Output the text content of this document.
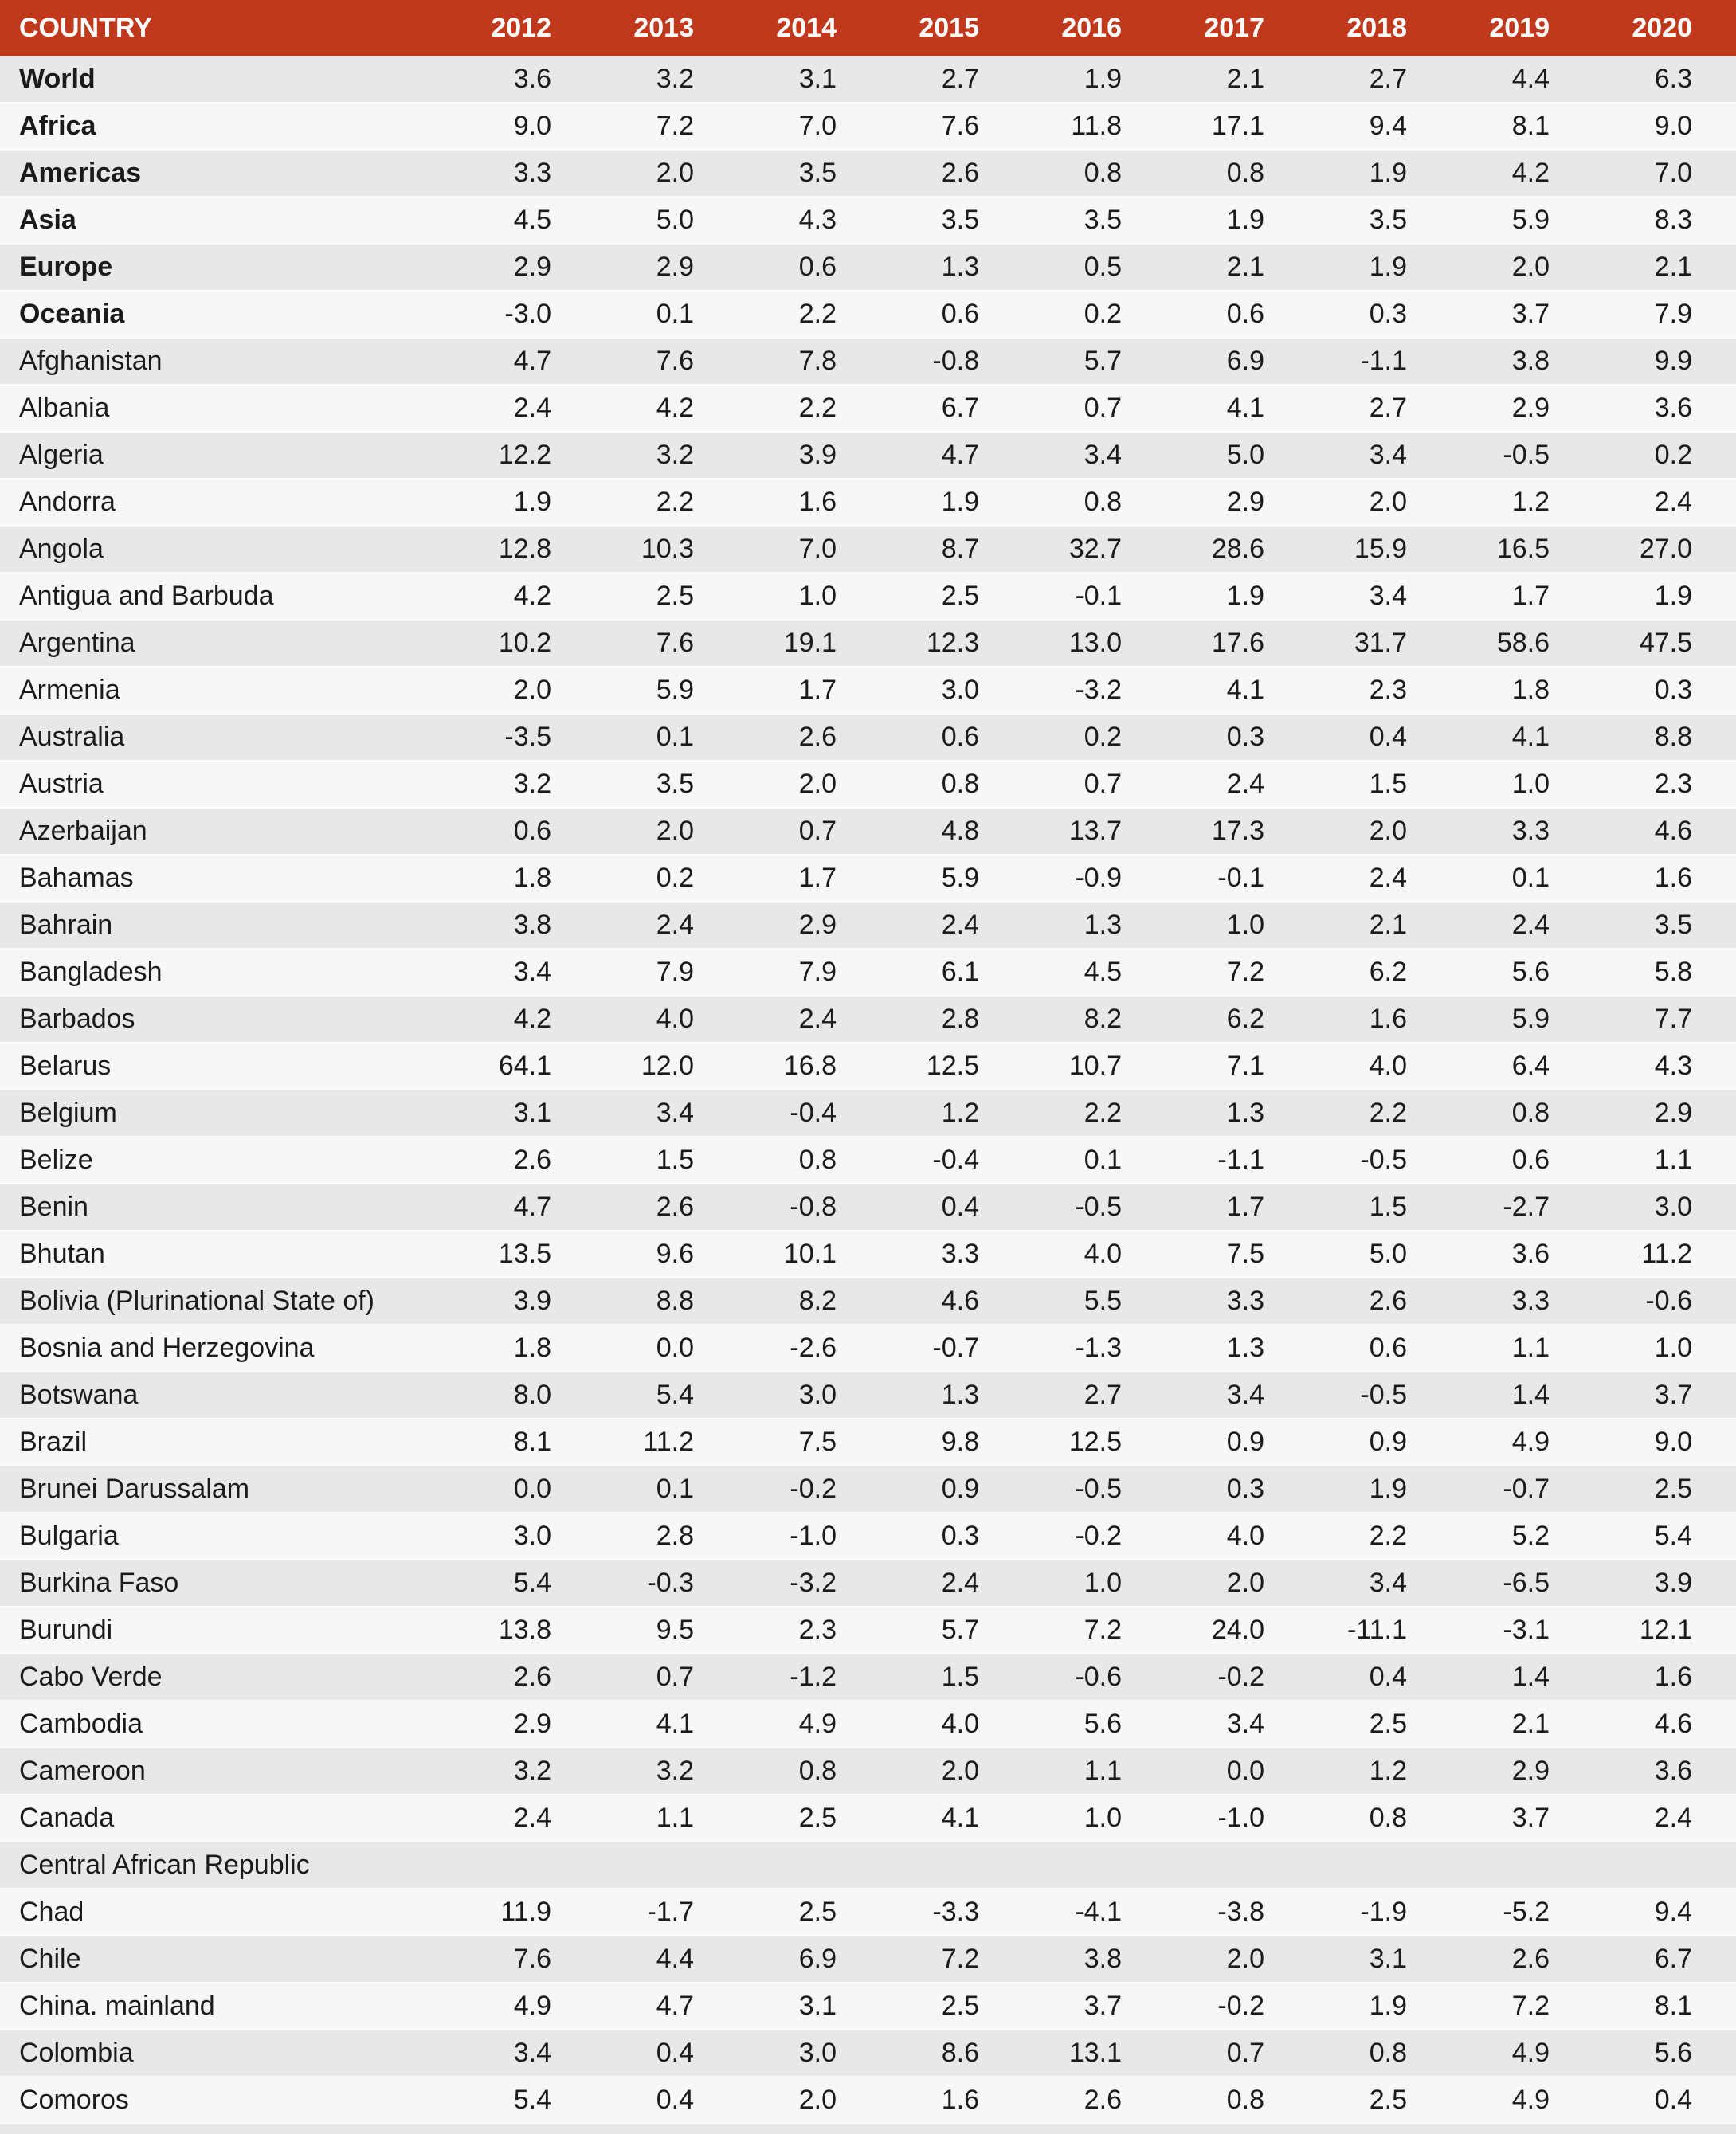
COUNTRY	2012	2013	2014	2015	2016	2017	2018	2019	2020
World	3.6	3.2	3.1	2.7	1.9	2.1	2.7	4.4	6.3
Africa	9.0	7.2	7.0	7.6	11.8	17.1	9.4	8.1	9.0
Americas	3.3	2.0	3.5	2.6	0.8	0.8	1.9	4.2	7.0
Asia	4.5	5.0	4.3	3.5	3.5	1.9	3.5	5.9	8.3
Europe	2.9	2.9	0.6	1.3	0.5	2.1	1.9	2.0	2.1
Oceania	-3.0	0.1	2.2	0.6	0.2	0.6	0.3	3.7	7.9
Afghanistan	4.7	7.6	7.8	-0.8	5.7	6.9	-1.1	3.8	9.9
Albania	2.4	4.2	2.2	6.7	0.7	4.1	2.7	2.9	3.6
Algeria	12.2	3.2	3.9	4.7	3.4	5.0	3.4	-0.5	0.2
Andorra	1.9	2.2	1.6	1.9	0.8	2.9	2.0	1.2	2.4
Angola	12.8	10.3	7.0	8.7	32.7	28.6	15.9	16.5	27.0
Antigua and Barbuda	4.2	2.5	1.0	2.5	-0.1	1.9	3.4	1.7	1.9
Argentina	10.2	7.6	19.1	12.3	13.0	17.6	31.7	58.6	47.5
Armenia	2.0	5.9	1.7	3.0	-3.2	4.1	2.3	1.8	0.3
Australia	-3.5	0.1	2.6	0.6	0.2	0.3	0.4	4.1	8.8
Austria	3.2	3.5	2.0	0.8	0.7	2.4	1.5	1.0	2.3
Azerbaijan	0.6	2.0	0.7	4.8	13.7	17.3	2.0	3.3	4.6
Bahamas	1.8	0.2	1.7	5.9	-0.9	-0.1	2.4	0.1	1.6
Bahrain	3.8	2.4	2.9	2.4	1.3	1.0	2.1	2.4	3.5
Bangladesh	3.4	7.9	7.9	6.1	4.5	7.2	6.2	5.6	5.8
Barbados	4.2	4.0	2.4	2.8	8.2	6.2	1.6	5.9	7.7
Belarus	64.1	12.0	16.8	12.5	10.7	7.1	4.0	6.4	4.3
Belgium	3.1	3.4	-0.4	1.2	2.2	1.3	2.2	0.8	2.9
Belize	2.6	1.5	0.8	-0.4	0.1	-1.1	-0.5	0.6	1.1
Benin	4.7	2.6	-0.8	0.4	-0.5	1.7	1.5	-2.7	3.0
Bhutan	13.5	9.6	10.1	3.3	4.0	7.5	5.0	3.6	11.2
Bolivia (Plurinational State of)	3.9	8.8	8.2	4.6	5.5	3.3	2.6	3.3	-0.6
Bosnia and Herzegovina	1.8	0.0	-2.6	-0.7	-1.3	1.3	0.6	1.1	1.0
Botswana	8.0	5.4	3.0	1.3	2.7	3.4	-0.5	1.4	3.7
Brazil	8.1	11.2	7.5	9.8	12.5	0.9	0.9	4.9	9.0
Brunei Darussalam	0.0	0.1	-0.2	0.9	-0.5	0.3	1.9	-0.7	2.5
Bulgaria	3.0	2.8	-1.0	0.3	-0.2	4.0	2.2	5.2	5.4
Burkina Faso	5.4	-0.3	-3.2	2.4	1.0	2.0	3.4	-6.5	3.9
Burundi	13.8	9.5	2.3	5.7	7.2	24.0	-11.1	-3.1	12.1
Cabo Verde	2.6	0.7	-1.2	1.5	-0.6	-0.2	0.4	1.4	1.6
Cambodia	2.9	4.1	4.9	4.0	5.6	3.4	2.5	2.1	4.6
Cameroon	3.2	3.2	0.8	2.0	1.1	0.0	1.2	2.9	3.6
Canada	2.4	1.1	2.5	4.1	1.0	-1.0	0.8	3.7	2.4
Central African Republic									
Chad	11.9	-1.7	2.5	-3.3	-4.1	-3.8	-1.9	-5.2	9.4
Chile	7.6	4.4	6.9	7.2	3.8	2.0	3.1	2.6	6.7
China. mainland	4.9	4.7	3.1	2.5	3.7	-0.2	1.9	7.2	8.1
Colombia	3.4	0.4	3.0	8.6	13.1	0.7	0.8	4.9	5.6
Comoros	5.4	0.4	2.0	1.6	2.6	0.8	2.5	4.9	0.4
